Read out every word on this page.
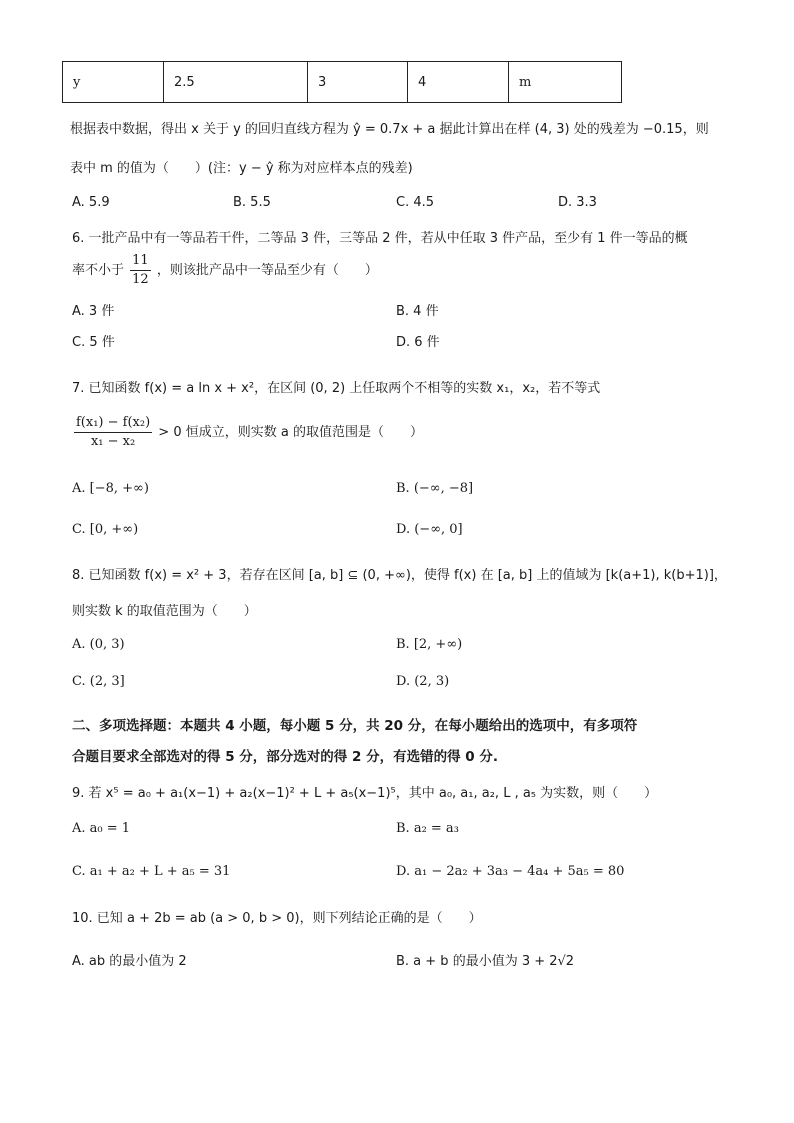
y	2.5	3	4	m
根据表中数据，得出 x 关于 y 的回归直线方程为 ŷ = 0.7x + a 据此计算出在样 (4, 3) 处的残差为 −0.15，则
表中 m 的值为（　　）(注：y − ŷ 称为对应样本点的残差)
A. 5.9	B. 5.5	C. 4.5	D. 3.3
6. 一批产品中有一等品若干件，二等品 3 件，三等品 2 件，若从中任取 3 件产品，至少有 1 件一等品的概
率不小于 $\frac{11}{12}$ ，则该批产品中一等品至少有（　　）
A. 3 件	B. 4 件
C. 5 件	D. 6 件
7. 已知函数 f(x) = a ln x + x²，在区间 (0, 2) 上任取两个不相等的实数 x₁，x₂，若不等式
$\frac{\text{f(x₁) − f(x₂)}}{\text{x₁ − x₂}} > 0$ 恒成立，则实数 a 的取值范围是（　　）
A. [−8, +∞)	B. (−∞, −8]
C. [0, +∞)	D. (−∞, 0]
8. 已知函数 f(x) = x² + 3，若存在区间 [a, b] ⊆ (0, +∞)，使得 f(x) 在 [a, b] 上的值域为 [k(a+1), k(b+1)]，
则实数 k 的取值范围为（　　）
A. (0, 3)	B. [2, +∞)
C. (2, 3]	D. (2, 3)
二、多项选择题：本题共 4 小题，每小题 5 分，共 20 分，在每小题给出的选项中，有多项符
合题目要求全部选对的得 5 分，部分选对的得 2 分，有选错的得 0 分.
9. 若 x⁵ = a₀ + a₁(x−1) + a₂(x−1)² + L + a₅(x−1)⁵，其中 a₀, a₁, a₂, L , a₅ 为实数，则（　　）
A. a₀ = 1	B. a₂ = a₃
C. a₁ + a₂ + L + a₅ = 31	D. a₁ − 2a₂ + 3a₃ − 4a₄ + 5a₅ = 80
10. 已知 a + 2b = ab (a > 0, b > 0)，则下列结论正确的是（　　）
A. ab 的最小值为 2	B. a + b 的最小值为 3 + 2√2
